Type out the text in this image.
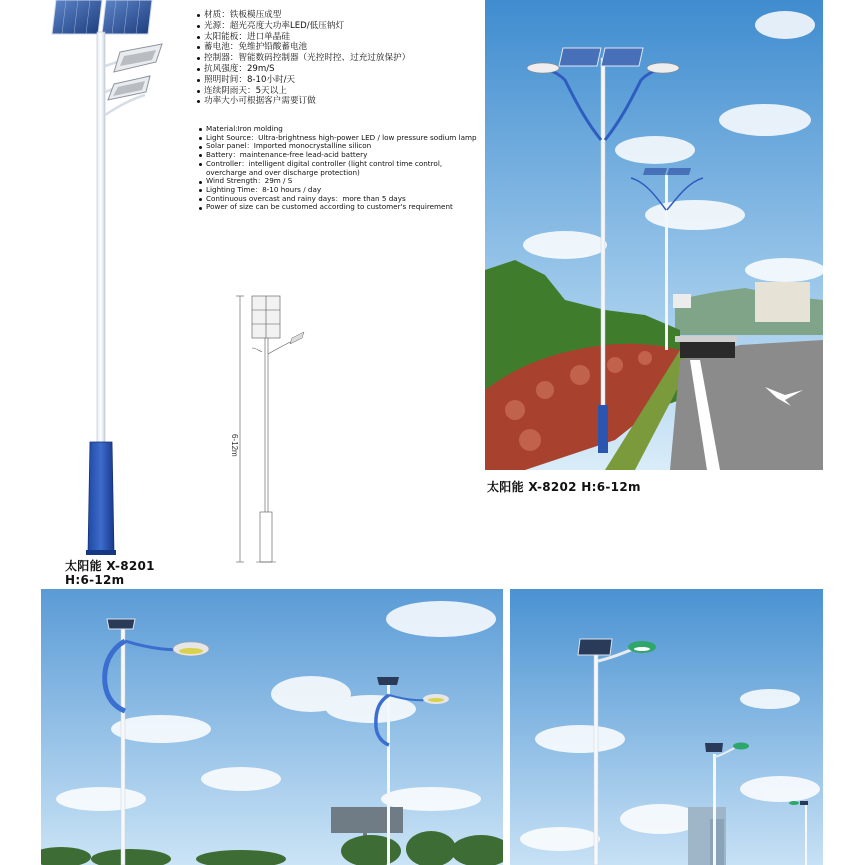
太阳能 X-8201
H:6-12m
材质：铁板模压成型
光源：超光亮度大功率LED/低压钠灯
太阳能板：进口单晶硅
蓄电池：免维护铅酸蓄电池
控制器：智能数码控制器（光控时控、过充过放保护）
抗风强度：29m/S
照明时间：8-10小时/天
连续阴雨天：5天以上
功率大小可根据客户需要订做
Material:Iron molding
Light Source：Ultra-brightness high-power LED / low pressure sodium lamp
Solar panel：Imported monocrystalline silicon
Battery：maintenance-free lead-acid battery
Controller：intelligent digital controller (light control time control, overcharge and over discharge protection)
Wind Strength：29m / S
Lighting Time：8-10 hours / day
Continuous overcast and rainy days：more than 5 days
Power of size can be customed according to customer's requirement
6-12m
太阳能 X-8202 H:6-12m
